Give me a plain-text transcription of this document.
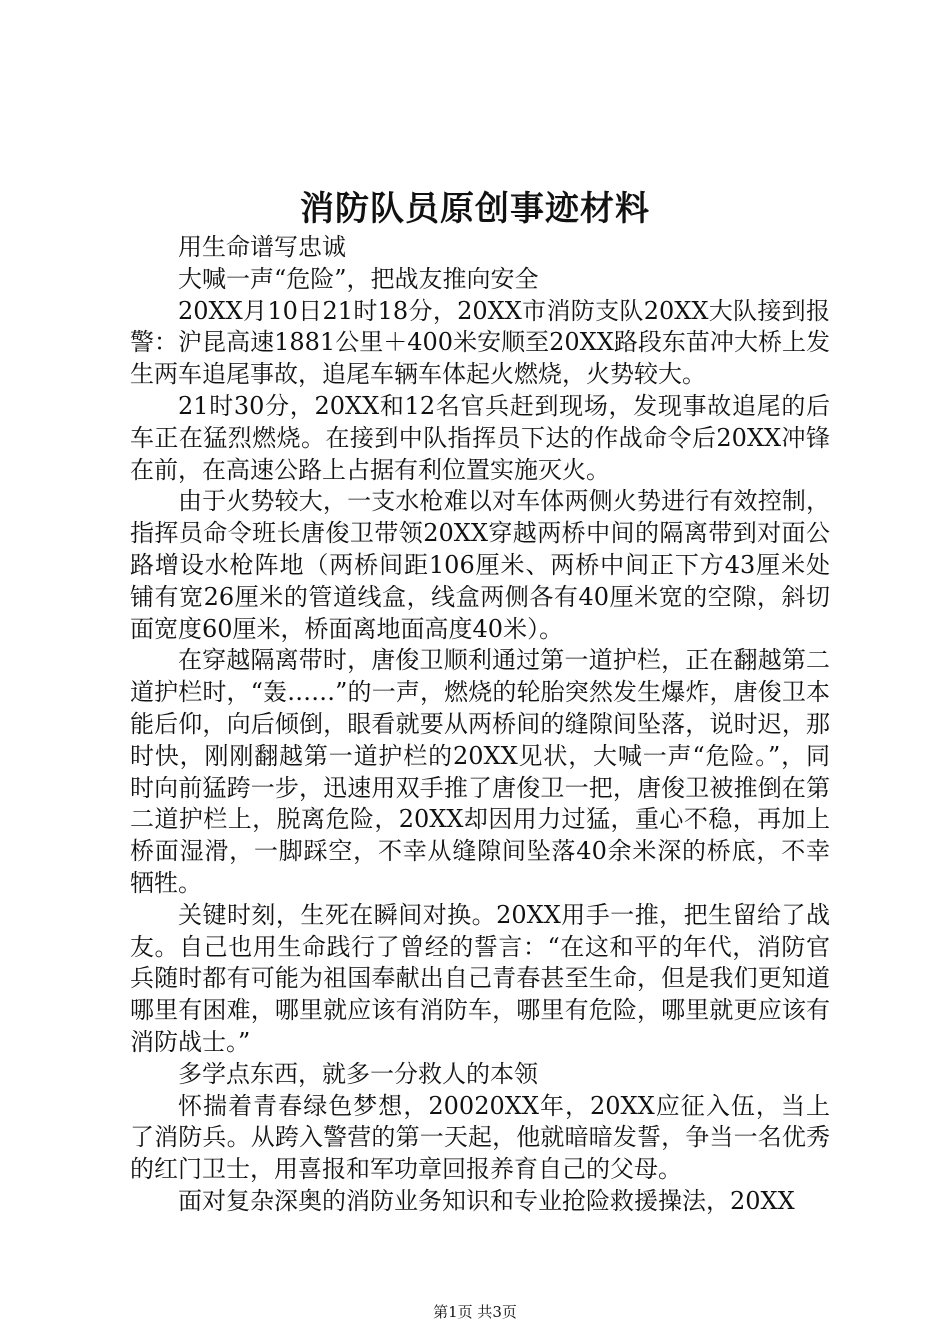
消防队员原创事迹材料

用生命谱写忠诚

大喊一声“危险”，把战友推向安全

20XX月10日21时18分，20XX市消防支队20XX大队接到报警：沪昆高速1881公里＋400米安顺至20XX路段东苗冲大桥上发生两车追尾事故，追尾车辆车体起火燃烧，火势较大。

21时30分，20XX和12名官兵赶到现场，发现事故追尾的后车正在猛烈燃烧。在接到中队指挥员下达的作战命令后20XX冲锋在前，在高速公路上占据有利位置实施灭火。

由于火势较大，一支水枪难以对车体两侧火势进行有效控制，指挥员命令班长唐俊卫带领20XX穿越两桥中间的隔离带到对面公路增设水枪阵地（两桥间距106厘米、两桥中间正下方43厘米处铺有宽26厘米的管道线盒，线盒两侧各有40厘米宽的空隙，斜切面宽度60厘米，桥面离地面高度40米）。

在穿越隔离带时，唐俊卫顺利通过第一道护栏，正在翻越第二道护栏时，“轰……”的一声，燃烧的轮胎突然发生爆炸，唐俊卫本能后仰，向后倾倒，眼看就要从两桥间的缝隙间坠落，说时迟，那时快，刚刚翻越第一道护栏的20XX见状，大喊一声“危险。”，同时向前猛跨一步，迅速用双手推了唐俊卫一把，唐俊卫被推倒在第二道护栏上，脱离危险，20XX却因用力过猛，重心不稳，再加上桥面湿滑，一脚踩空，不幸从缝隙间坠落40余米深的桥底，不幸牺牲。

关键时刻，生死在瞬间对换。20XX用手一推，把生留给了战友。自己也用生命践行了曾经的誓言：“在这和平的年代，消防官兵随时都有可能为祖国奉献出自己青春甚至生命，但是我们更知道哪里有困难，哪里就应该有消防车，哪里有危险，哪里就更应该有消防战士。”

多学点东西，就多一分救人的本领

怀揣着青春绿色梦想，20020XX年，20XX应征入伍，当上了消防兵。从跨入警营的第一天起，他就暗暗发誓，争当一名优秀的红门卫士，用喜报和军功章回报养育自己的父母。

面对复杂深奥的消防业务知识和专业抢险救援操法，20XX

第1页 共3页
